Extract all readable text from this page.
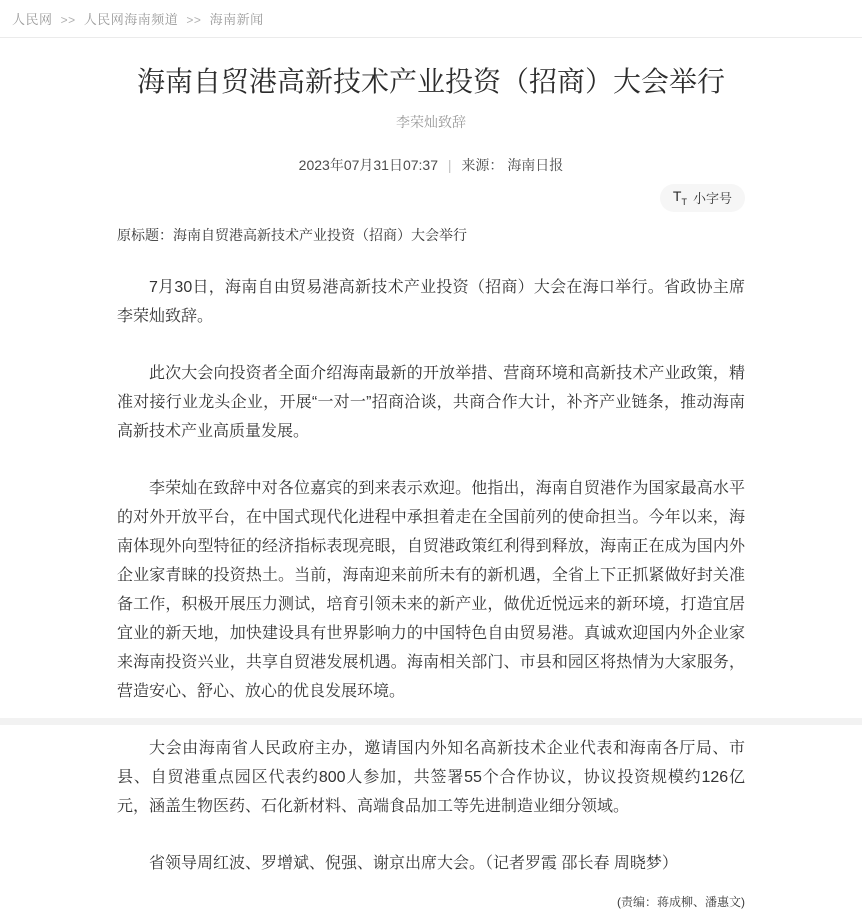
人民网 >> 人民网海南频道 >> 海南新闻
海南自贸港高新技术产业投资（招商）大会举行
李荣灿致辞
2023年07月31日07:37 | 来源： 海南日报
$T_T$ 小字号
原标题：海南自贸港高新技术产业投资（招商）大会举行

7月30日，海南自由贸易港高新技术产业投资（招商）大会在海口举行。省政协主席李荣灿致辞。

此次大会向投资者全面介绍海南最新的开放举措、营商环境和高新技术产业政策，精准对接行业龙头企业，开展“一对一”招商洽谈，共商合作大计，补齐产业链条，推动海南高新技术产业高质量发展。

李荣灿在致辞中对各位嘉宾的到来表示欢迎。他指出，海南自贸港作为国家最高水平的对外开放平台，在中国式现代化进程中承担着走在全国前列的使命担当。今年以来，海南体现外向型特征的经济指标表现亮眼，自贸港政策红利得到释放，海南正在成为国内外企业家青睐的投资热土。当前，海南迎来前所未有的新机遇，全省上下正抓紧做好封关准备工作，积极开展压力测试，培育引领未来的新产业，做优近悦远来的新环境，打造宜居宜业的新天地，加快建设具有世界影响力的中国特色自由贸易港。真诚欢迎国内外企业家来海南投资兴业，共享自贸港发展机遇。海南相关部门、市县和园区将热情为大家服务，营造安心、舒心、放心的优良发展环境。

大会由海南省人民政府主办，邀请国内外知名高新技术企业代表和海南各厅局、市县、自贸港重点园区代表约800人参加，共签署55个合作协议，协议投资规模约126亿元，涵盖生物医药、石化新材料、高端食品加工等先进制造业细分领域。

省领导周红波、罗增斌、倪强、谢京出席大会。（记者罗霞 邵长春 周晓梦）

(责编：蒋成柳、潘惠文)
